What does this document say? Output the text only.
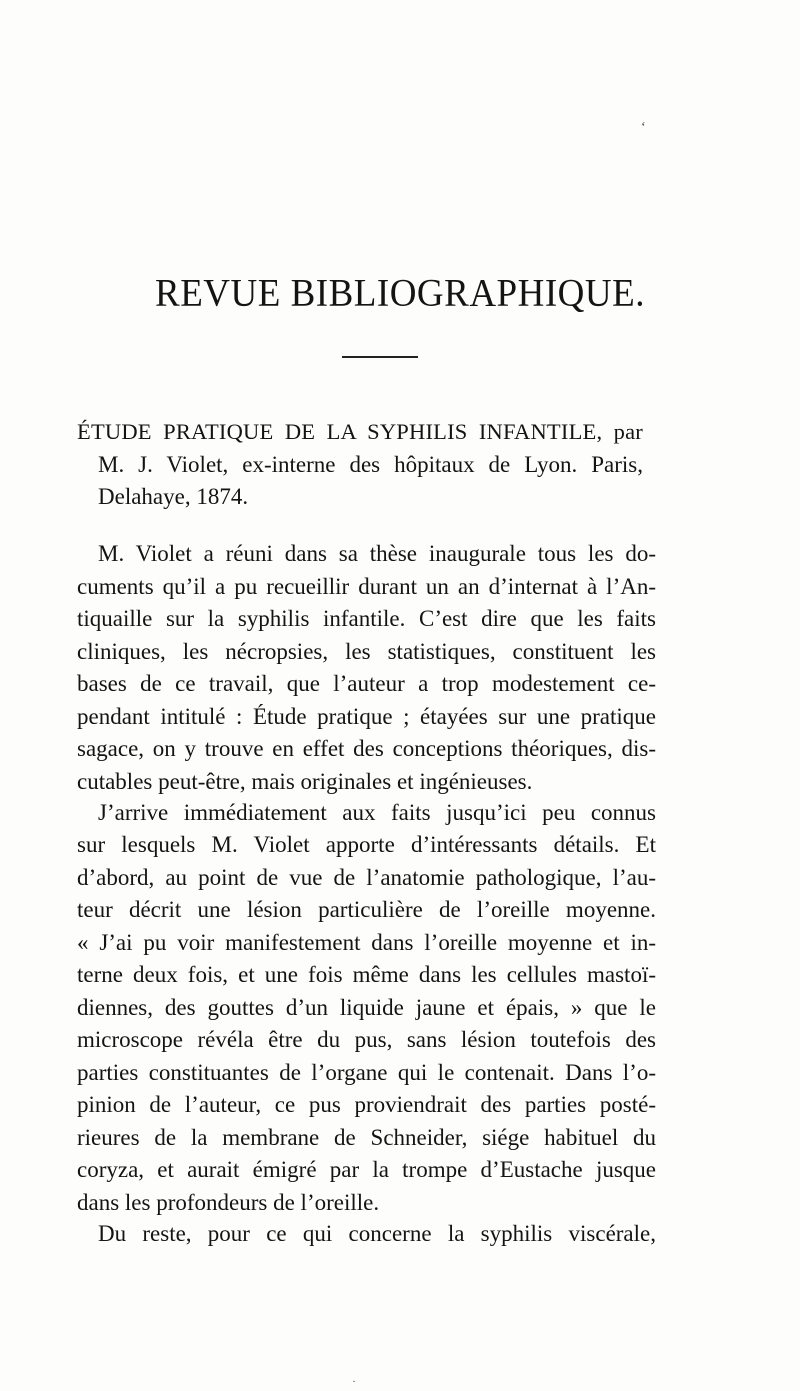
ʻ
REVUE BIBLIOGRAPHIQUE.
ÉTUDE PRATIQUE DE LA SYPHILIS INFANTILE, par
M. J. Violet, ex-interne des hôpitaux de Lyon. Paris,
Delahaye, 1874.
M. Violet a réuni dans sa thèse inaugurale tous les do-
cuments qu’il a pu recueillir durant un an d’internat à l’An-
tiquaille sur la syphilis infantile. C’est dire que les faits
cliniques, les nécropsies, les statistiques, constituent les
bases de ce travail, que l’auteur a trop modestement ce-
pendant intitulé : Étude pratique ; étayées sur une pratique
sagace, on y trouve en effet des conceptions théoriques, dis-
cutables peut-être, mais originales et ingénieuses.
J’arrive immédiatement aux faits jusqu’ici peu connus
sur lesquels M. Violet apporte d’intéressants détails. Et
d’abord, au point de vue de l’anatomie pathologique, l’au-
teur décrit une lésion particulière de l’oreille moyenne.
« J’ai pu voir manifestement dans l’oreille moyenne et in-
terne deux fois, et une fois même dans les cellules mastoï-
diennes, des gouttes d’un liquide jaune et épais, » que le
microscope révéla être du pus, sans lésion toutefois des
parties constituantes de l’organe qui le contenait. Dans l’o-
pinion de l’auteur, ce pus proviendrait des parties posté-
rieures de la membrane de Schneider, siége habituel du
coryza, et aurait émigré par la trompe d’Eustache jusque
dans les profondeurs de l’oreille.
Du reste, pour ce qui concerne la syphilis viscérale,
·
